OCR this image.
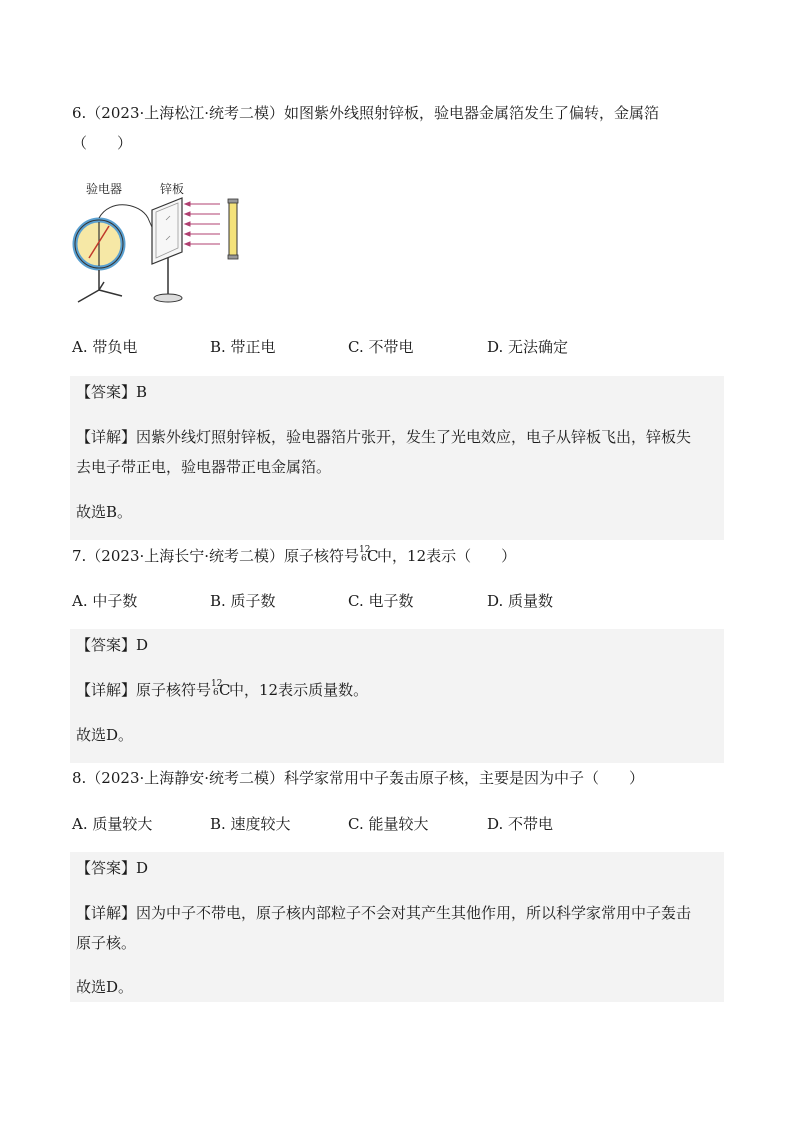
6.（2023·上海松江·统考二模）如图紫外线照射锌板，验电器金属箔发生了偏转，金属箔
（　　）
验电器	锌板
A. 带负电	B. 带正电	C. 不带电	D. 无法确定
【答案】B
【详解】因紫外线灯照射锌板，验电器箔片张开，发生了光电效应，电子从锌板飞出，锌板失
去电子带正电，验电器带正电金属箔。
故选B。
7.（2023·上海长宁·统考二模）原子核符号 12
6 C
中，12表示（　　）
A. 中子数	B. 质子数	C. 电子数	D. 质量数
【答案】D
【详解】原子核符号 12
6 C
中，12表示质量数。
故选D。
8.（2023·上海静安·统考二模）科学家常用中子轰击原子核，主要是因为中子（　　）
A. 质量较大	B. 速度较大	C. 能量较大	D. 不带电
【答案】D
【详解】因为中子不带电，原子核内部粒子不会对其产生其他作用，所以科学家常用中子轰击
原子核。
故选D。
